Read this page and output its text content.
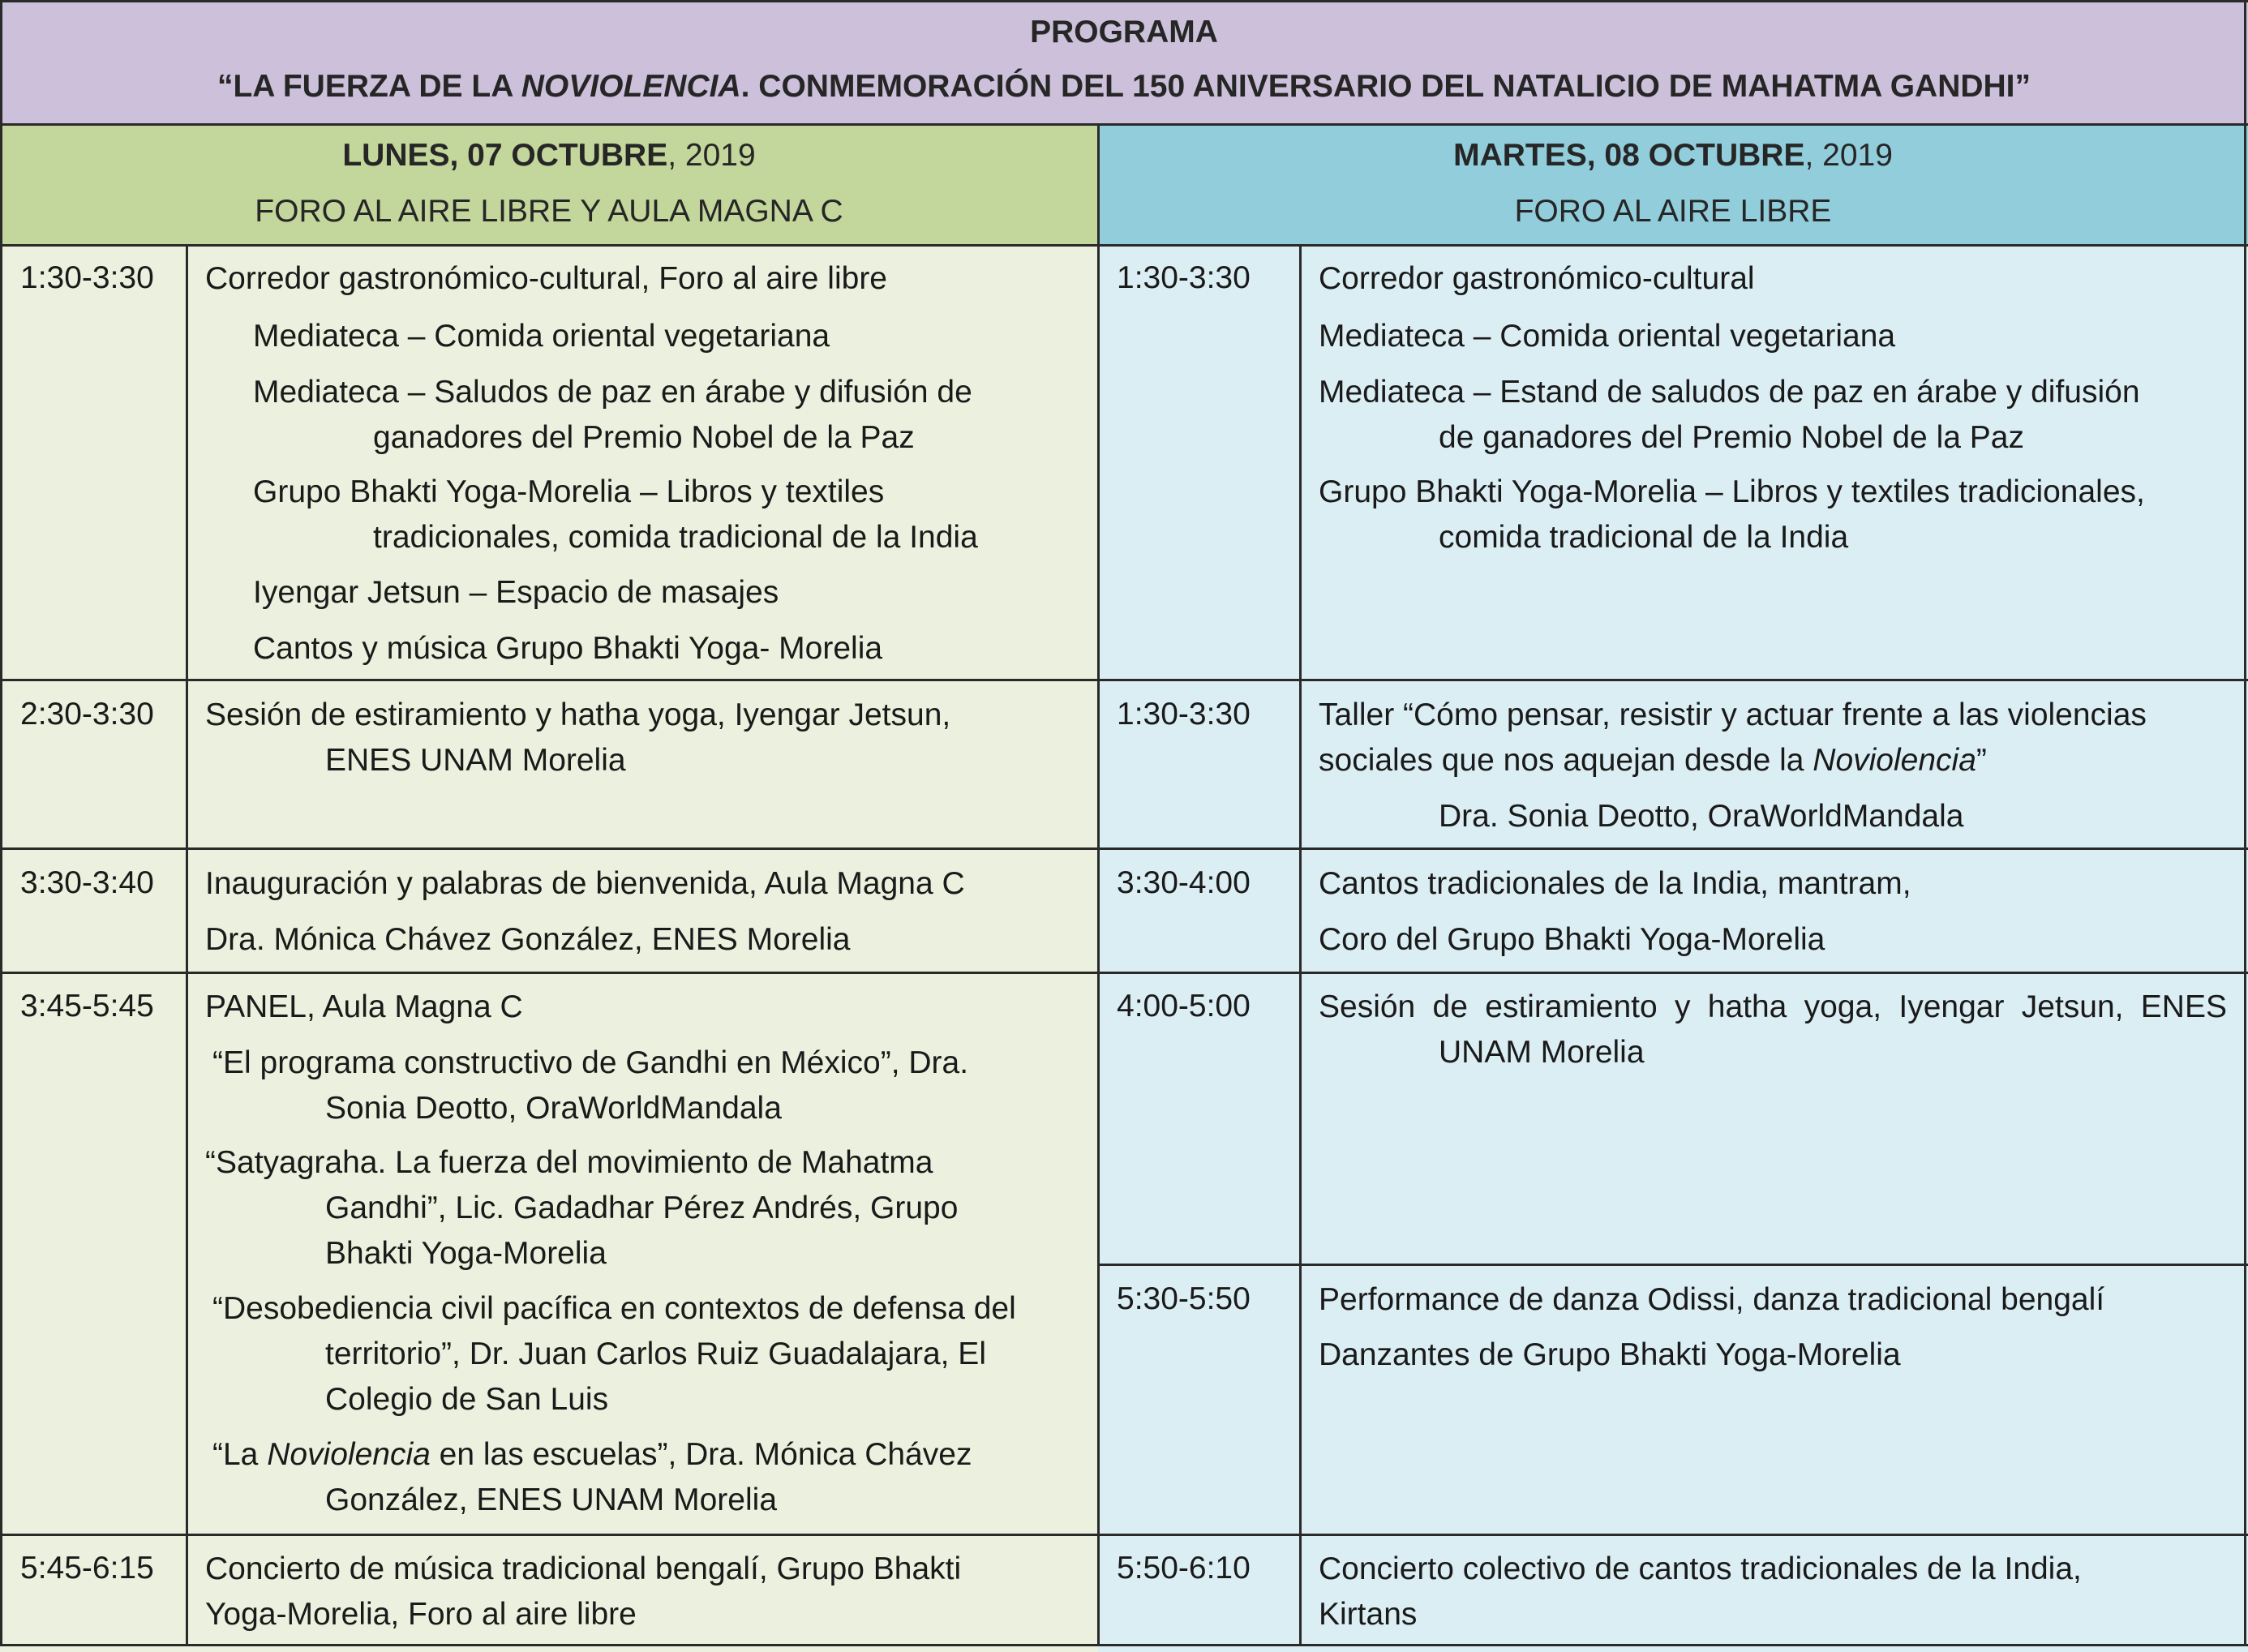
PROGRAMA
“LA FUERZA DE LA NOVIOLENCIA. CONMEMORACIÓN DEL 150 ANIVERSARIO DEL NATALICIO DE MAHATMA GANDHI”
LUNES, 07 OCTUBRE, 2019
FORO AL AIRE LIBRE Y AULA MAGNA C
MARTES, 08 OCTUBRE, 2019
FORO AL AIRE LIBRE
1:30-3:30 Corredor gastronómico-cultural, Foro al aire libre
Mediateca – Comida oriental vegetariana
Mediateca – Saludos de paz en árabe y difusión de
ganadores del Premio Nobel de la Paz
Grupo Bhakti Yoga-Morelia – Libros y textiles
tradicionales, comida tradicional de la India
Iyengar Jetsun – Espacio de masajes
Cantos y música Grupo Bhakti Yoga- Morelia
2:30-3:30 Sesión de estiramiento y hatha yoga, Iyengar Jetsun,
ENES UNAM Morelia
3:30-3:40 Inauguración y palabras de bienvenida, Aula Magna C
Dra. Mónica Chávez González, ENES Morelia
3:45-5:45 PANEL, Aula Magna C
“El programa constructivo de Gandhi en México”, Dra.
Sonia Deotto, OraWorldMandala
“Satyagraha. La fuerza del movimiento de Mahatma
Gandhi”, Lic. Gadadhar Pérez Andrés, Grupo
Bhakti Yoga-Morelia
“Desobediencia civil pacífica en contextos de defensa del
territorio”, Dr. Juan Carlos Ruiz Guadalajara, El
Colegio de San Luis
“La Noviolencia en las escuelas”, Dra. Mónica Chávez
González, ENES UNAM Morelia
5:45-6:15 Concierto de música tradicional bengalí, Grupo Bhakti
Yoga-Morelia, Foro al aire libre
1:30-3:30 Corredor gastronómico-cultural
Mediateca – Comida oriental vegetariana
Mediateca – Estand de saludos de paz en árabe y difusión
de ganadores del Premio Nobel de la Paz
Grupo Bhakti Yoga-Morelia – Libros y textiles tradicionales,
comida tradicional de la India
1:30-3:30 Taller “Cómo pensar, resistir y actuar frente a las violencias
sociales que nos aquejan desde la Noviolencia”
Dra. Sonia Deotto, OraWorldMandala
3:30-4:00 Cantos tradicionales de la India, mantram,
Coro del Grupo Bhakti Yoga-Morelia
4:00-5:00 Sesión de estiramiento y hatha yoga, Iyengar Jetsun, ENES
UNAM Morelia
5:30-5:50 Performance de danza Odissi, danza tradicional bengalí
Danzantes de Grupo Bhakti Yoga-Morelia
5:50-6:10 Concierto colectivo de cantos tradicionales de la India,
Kirtans
